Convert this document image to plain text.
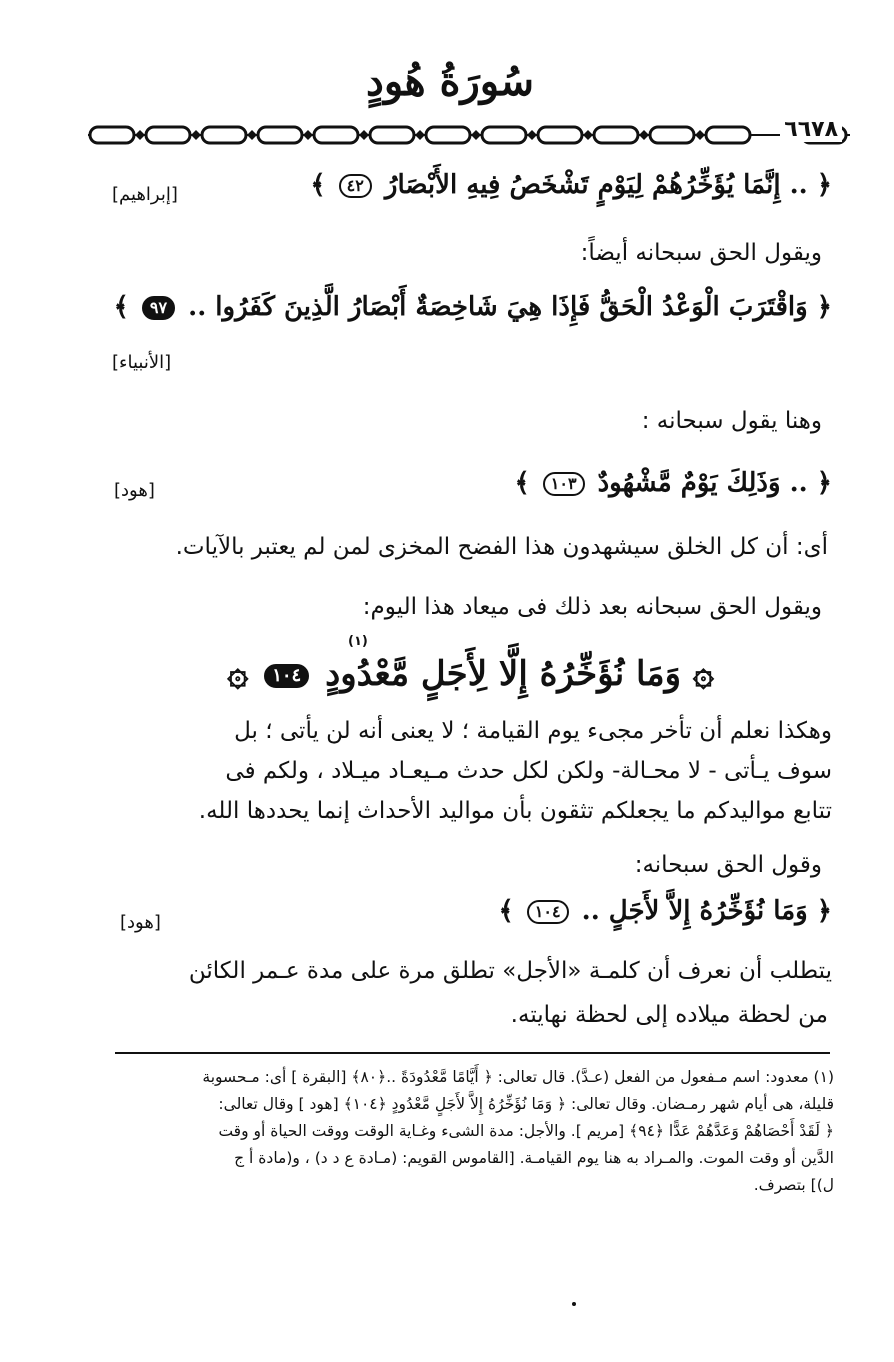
سُورَةُ هُودٍ
٦٦٧٨
﴿ .. إِنَّمَا يُؤَخِّرُهُمْ لِيَوْمٍ تَشْخَصُ فِيهِ الأَبْصَارُ ٤٢ ﴾
[إبراهيم]
ويقول الحق سبحانه أيضاً:
﴿ وَاقْتَرَبَ الْوَعْدُ الْحَقُّ فَإِذَا هِيَ شَاخِصَةٌ أَبْصَارُ الَّذِينَ كَفَرُوا .. ٩٧ ﴾
[الأنبياء]
وهنا يقول سبحانه :
﴿ .. وَذَلِكَ يَوْمٌ مَّشْهُودٌ ١٠٣ ﴾
[هود]
أى: أن كل الخلق سيشهدون هذا الفضح المخزى لمن لم يعتبر بالآيات.
ويقول الحق سبحانه بعد ذلك فى ميعاد هذا اليوم:
(١)
۞ وَمَا نُؤَخِّرُهُ إِلَّا لِأَجَلٍ مَّعْدُودٍ ١٠٤ ۞
وهكذا نعلم أن تأخر مجىء يوم القيامة ؛ لا يعنى أنه لن يأتى ؛ بل
سوف يـأتى - لا محـالة- ولكن لكل حدث مـيعـاد ميـلاد ، ولكم فى
تتابع مواليدكم ما يجعلكم تثقون بأن مواليد الأحداث إنما يحددها الله.
وقول الحق سبحانه:
﴿ وَمَا نُؤَخِّرُهُ إِلاَّ لأَجَلٍ .. ١٠٤ ﴾
[هود]
يتطلب أن نعرف أن كلمـة «الأجل» تطلق مرة على مدة عـمر الكائن
من لحظة ميلاده إلى لحظة نهايته.
(١) معدود: اسم مـفعول من الفعل (عـدَّ). قال تعالى: ﴿ أَيَّامًا مَّعْدُودَةً ..﴿٨٠﴾ [البقرة ] أى: مـحسوبة
قليلة، هى أيام شهر رمـضان. وقال تعالى: ﴿ وَمَا نُؤَخِّرُهُ إِلاَّ لأَجَلٍ مَّعْدُودٍ ﴿١٠٤﴾ [هود ] وقال تعالى:
﴿ لَقَدْ أَحْصَاهُمْ وَعَدَّهُمْ عَدًّا ﴿٩٤﴾ [مريم ]. والأجل: مدة الشىء وغـاية الوقت ووقت الحياة أو وقت
الدَّين أو وقت الموت. والمـراد به هنا يوم القيامـة. [القاموس القويم: (مـادة ع د د) ، و(مادة أ ج
ل)] بتصرف.
